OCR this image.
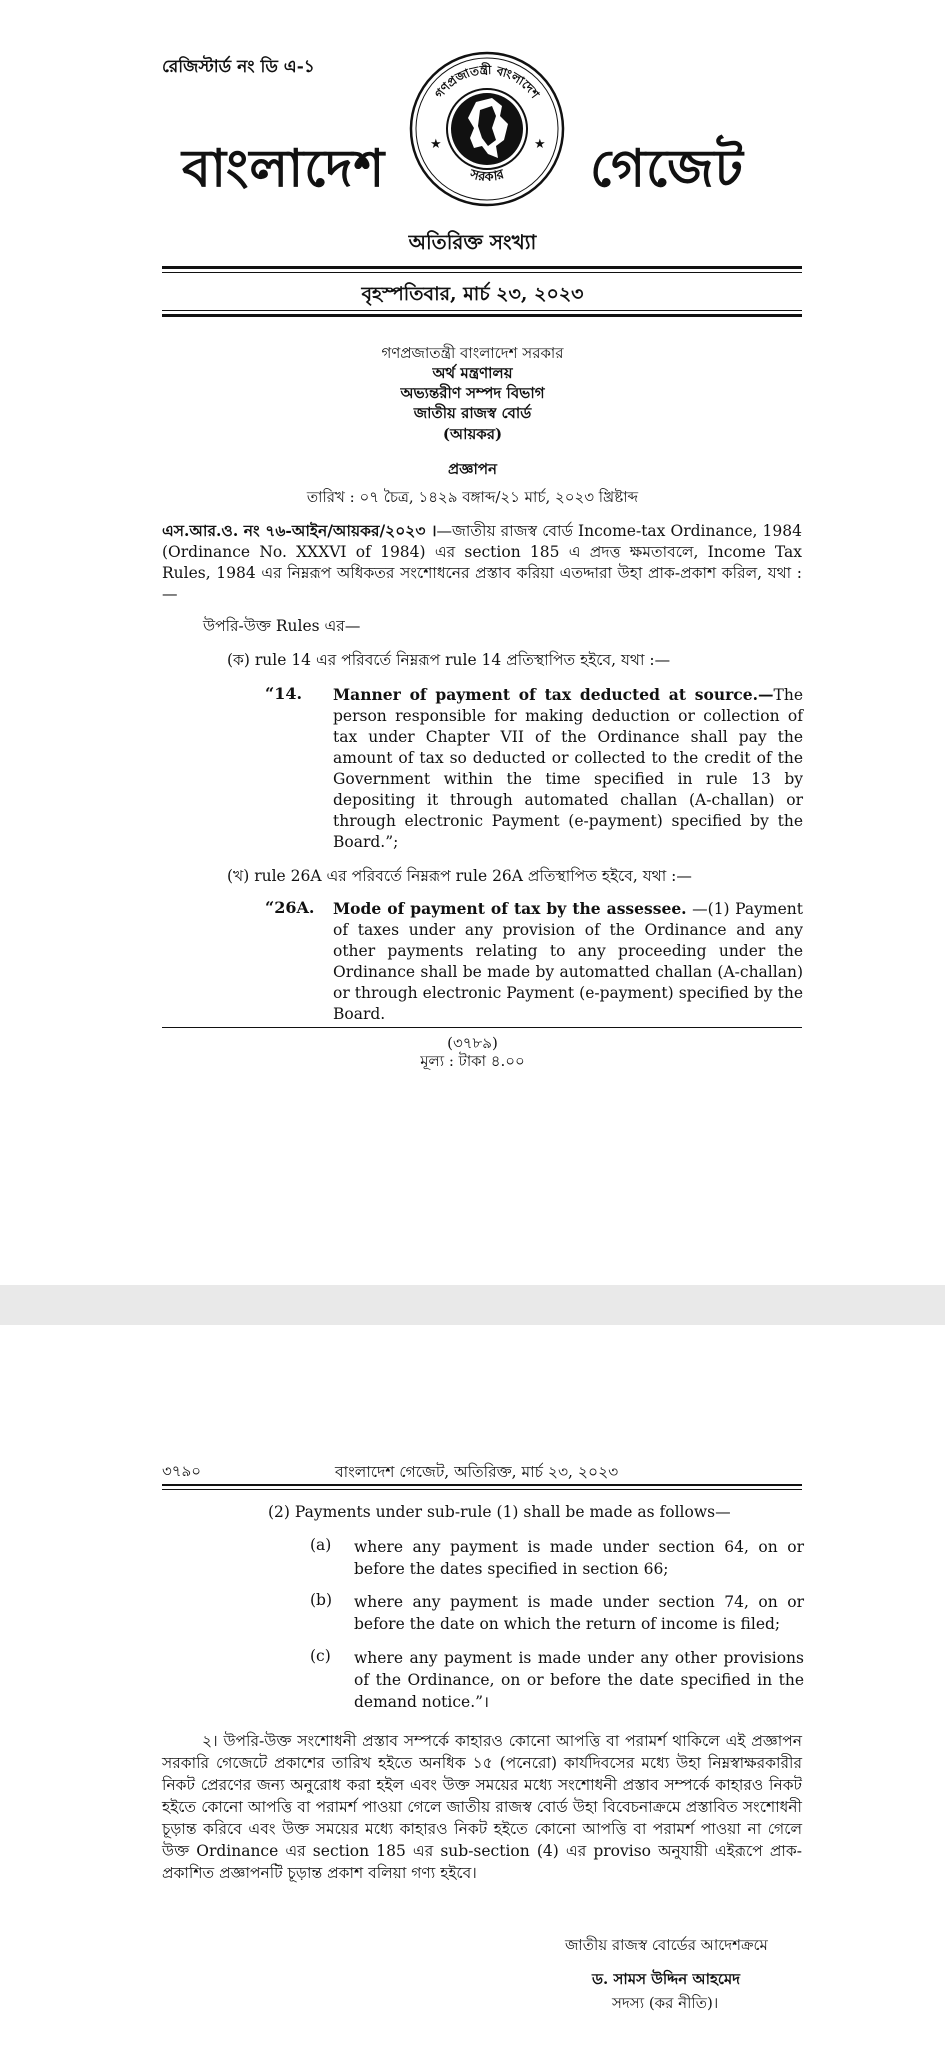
রেজিস্টার্ড নং ডি এ-১
বাংলাদেশ
গণপ্রজাতন্ত্রী বাংলাদেশ
সরকার
★	★ গেজেট
অতিরিক্ত সংখ্যা
বৃহস্পতিবার, মার্চ ২৩, ২০২৩
গণপ্রজাতন্ত্রী বাংলাদেশ সরকার
অর্থ মন্ত্রণালয়
অভ্যন্তরীণ সম্পদ বিভাগ
জাতীয় রাজস্ব বোর্ড
(আয়কর)
প্রজ্ঞাপন
তারিখ : ০৭ চৈত্র, ১৪২৯ বঙ্গাব্দ/২১ মার্চ, ২০২৩ খ্রিষ্টাব্দ
এস.আর.ও. নং ৭৬-আইন/আয়কর/২০২৩ ।—জাতীয় রাজস্ব বোর্ড Income-tax Ordinance, 1984 (Ordinance No. XXXVI of 1984) এর section 185 এ প্রদত্ত ক্ষমতাবলে, Income Tax Rules, 1984 এর নিম্নরূপ অধিকতর সংশোধনের প্রস্তাব করিয়া এতদ্দারা উহা প্রাক-প্রকাশ করিল, যথা :—
উপরি-উক্ত Rules এর—
(ক) rule 14 এর পরিবর্তে নিম্নরূপ rule 14 প্রতিস্থাপিত হইবে, যথা :—
“14. Manner of payment of tax deducted at source.—The person responsible for making deduction or collection of tax under Chapter VII of the Ordinance shall pay the amount of tax so deducted or collected to the credit of the Government within the time specified in rule 13 by depositing it through automated challan (A-challan) or through electronic Payment (e-payment) specified by the Board.”;
(খ) rule 26A এর পরিবর্তে নিম্নরূপ rule 26A প্রতিস্থাপিত হইবে, যথা :—
“26A. Mode of payment of tax by the assessee. —(1) Payment of taxes under any provision of the Ordinance and any other payments relating to any proceeding under the Ordinance shall be made by automatted challan (A-challan) or through electronic Payment (e-payment) specified by the Board.
(৩৭৮৯)
মূল্য : টাকা ৪.০০
৩৭৯০	বাংলাদেশ গেজেট, অতিরিক্ত, মার্চ ২৩, ২০২৩
(2) Payments under sub-rule (1) shall be made as follows—
(a) where any payment is made under section 64, on or before the dates specified in section 66;
(b) where any payment is made under section 74, on or before the date on which the return of income is filed;
(c) where any payment is made under any other provisions of the Ordinance, on or before the date specified in the demand notice.”।
২। উপরি-উক্ত সংশোধনী প্রস্তাব সম্পর্কে কাহারও কোনো আপত্তি বা পরামর্শ থাকিলে এই প্রজ্ঞাপন সরকারি গেজেটে প্রকাশের তারিখ হইতে অনধিক ১৫ (পনেরো) কার্যদিবসের মধ্যে উহা নিম্নস্বাক্ষরকারীর নিকট প্রেরণের জন্য অনুরোধ করা হইল এবং উক্ত সময়ের মধ্যে সংশোধনী প্রস্তাব সম্পর্কে কাহারও নিকট হইতে কোনো আপত্তি বা পরামর্শ পাওয়া গেলে জাতীয় রাজস্ব বোর্ড উহা বিবেচনাক্রমে প্রস্তাবিত সংশোধনী চূড়ান্ত করিবে এবং উক্ত সময়ের মধ্যে কাহারও নিকট হইতে কোনো আপত্তি বা পরামর্শ পাওয়া না গেলে উক্ত Ordinance এর section 185 এর sub-section (4) এর proviso অনুযায়ী এইরূপে প্রাক-প্রকাশিত প্রজ্ঞাপনটি চূড়ান্ত প্রকাশ বলিয়া গণ্য হইবে।
জাতীয় রাজস্ব বোর্ডের আদেশক্রমে
ড. সামস উদ্দিন আহমেদ
সদস্য (কর নীতি)।
